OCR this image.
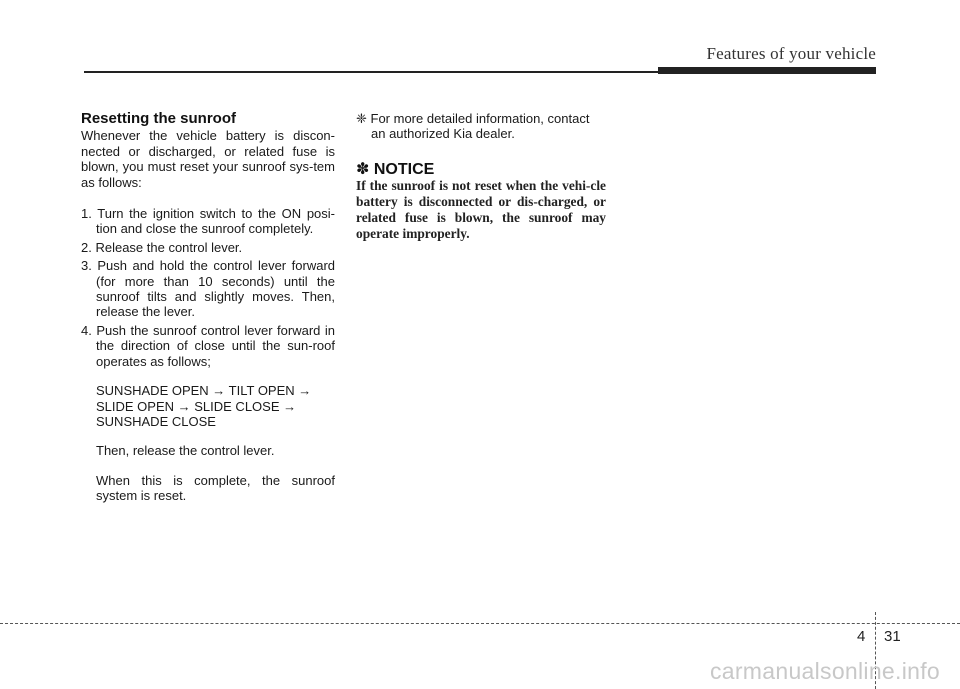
Features of your vehicle
Resetting the sunroof

Whenever the vehicle battery is discon-nected or discharged, or related fuse is blown, you must reset your sunroof sys-tem as follows:

1. Turn the ignition switch to the ON posi-tion and close the sunroof completely.
2. Release the control lever.
3. Push and hold the control lever forward (for more than 10 seconds) until the sunroof tilts and slightly moves. Then, release the lever.
4. Push the sunroof control lever forward in the direction of close until the sun-roof operates as follows;

SUNSHADE OPEN → TILT OPEN → SLIDE OPEN → SLIDE CLOSE → SUNSHADE CLOSE

Then, release the control lever.

When this is complete, the sunroof system is reset.

❈ For more detailed information, contact an authorized Kia dealer.

✽ NOTICE

If the sunroof is not reset when the vehi-cle battery is disconnected or dis-charged, or related fuse is blown, the sunroof may operate improperly.

4 31
carmanualsonline.info
